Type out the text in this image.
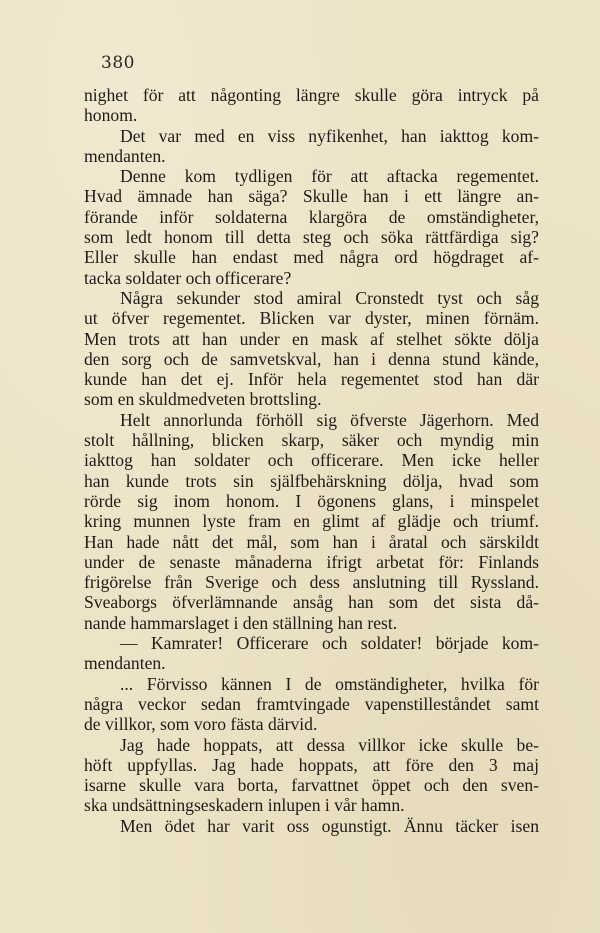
380
nighet för att någonting längre skulle göra intryck på
honom.
Det var med en viss nyfikenhet, han iakttog kom-
mendanten.
Denne kom tydligen för att aftacka regementet.
Hvad ämnade han säga? Skulle han i ett längre an-
förande inför soldaterna klargöra de omständigheter,
som ledt honom till detta steg och söka rättfärdiga sig?
Eller skulle han endast med några ord högdraget af-
tacka soldater och officerare?
Några sekunder stod amiral Cronstedt tyst och såg
ut öfver regementet. Blicken var dyster, minen förnäm.
Men trots att han under en mask af stelhet sökte dölja
den sorg och de samvetskval, han i denna stund kände,
kunde han det ej. Inför hela regementet stod han där
som en skuldmedveten brottsling.
Helt annorlunda förhöll sig öfverste Jägerhorn. Med
stolt hållning, blicken skarp, säker och myndig min
iakttog han soldater och officerare. Men icke heller
han kunde trots sin själfbehärskning dölja, hvad som
rörde sig inom honom. I ögonens glans, i minspelet
kring munnen lyste fram en glimt af glädje och triumf.
Han hade nått det mål, som han i åratal och särskildt
under de senaste månaderna ifrigt arbetat för: Finlands
frigörelse från Sverige och dess anslutning till Ryssland.
Sveaborgs öfverlämnande ansåg han som det sista då-
nande hammarslaget i den ställning han rest.
— Kamrater! Officerare och soldater! började kom-
mendanten.
... Förvisso kännen I de omständigheter, hvilka för
några veckor sedan framtvingade vapenstilleståndet samt
de villkor, som voro fästa därvid.
Jag hade hoppats, att dessa villkor icke skulle be-
höft uppfyllas. Jag hade hoppats, att före den 3 maj
isarne skulle vara borta, farvattnet öppet och den sven-
ska undsättningseskadern inlupen i vår hamn.
Men ödet har varit oss ogunstigt. Ännu täcker isen
